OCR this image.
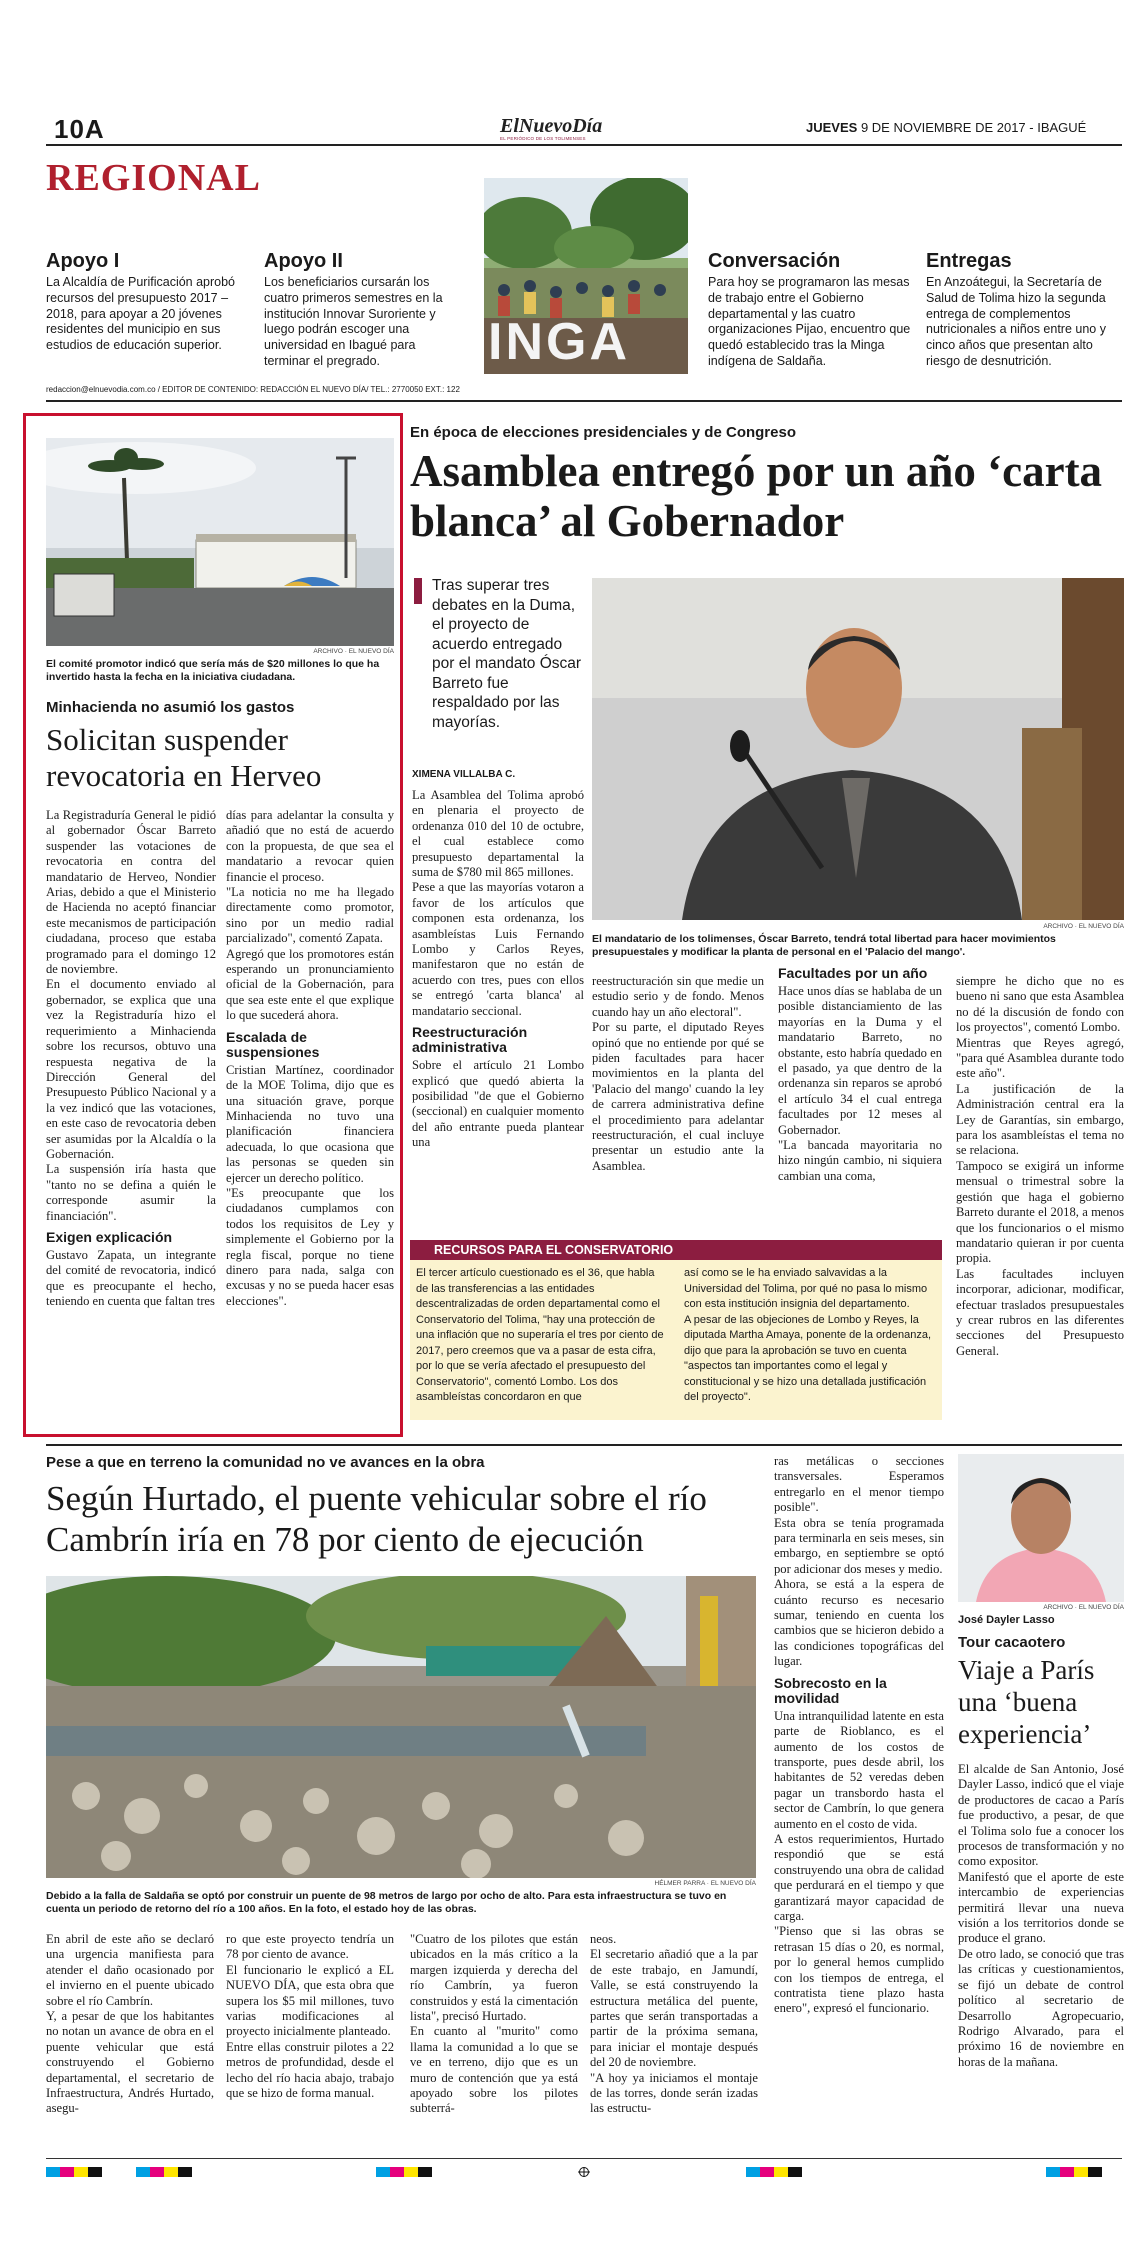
10A	ElNuevoDía
EL PERIÓDICO DE LOS TOLIMENSES
JUEVES 9 DE NOVIEMBRE DE 2017 - IBAGUÉ
REGIONAL
Apoyo I
La Alcaldía de Purificación aprobó recursos del presupuesto 2017 – 2018, para apoyar a 20 jóvenes residentes del municipio en sus estudios de educación superior.
Apoyo II
Los beneficiarios cursarán los cuatro primeros semestres en la institución Innovar Suroriente y luego podrán escoger una universidad en Ibagué para terminar el pregrado.	INGA
Conversación
Para hoy se programaron las mesas de trabajo entre el Gobierno departamental y las cuatro organizaciones Pijao, encuentro que quedó establecido tras la Minga indígena de Saldaña.
Entregas
En Anzoátegui, la Secretaría de Salud de Tolima hizo la segunda entrega de complementos nutricionales a niños entre uno y cinco años que presentan alto riesgo de desnutrición.
redaccion@elnuevodia.com.co / EDITOR DE CONTENIDO: REDACCIÓN EL NUEVO DÍA/ TEL.: 2770050 EXT.: 122
ARCHIVO · EL NUEVO DÍA
El comité promotor indicó que sería más de $20 millones lo que ha invertido hasta la fecha en la iniciativa ciudadana.
Minhacienda no asumió los gastos
Solicitan suspender revocatoria en Herveo
La Registraduría General le pidió al gobernador Óscar Barreto suspender las votaciones de revocatoria en contra del mandatario de Herveo, Nondier Arias, debido a que el Ministerio de Hacienda no aceptó financiar este mecanismos de participación ciudadana, proceso que estaba programado para el domingo 12 de noviembre.
En el documento enviado al gobernador, se explica que una vez la Registraduría hizo el requerimiento a Minhacienda sobre los recursos, obtuvo una respuesta negativa de la Dirección General del Presupuesto Público Nacional y a la vez indicó que las votaciones, en este caso de revocatoria deben ser asumidas por la Alcaldía o la Gobernación.
La suspensión iría hasta que "tanto no se defina a quién le corresponde asumir la financiación".
Exigen explicación
Gustavo Zapata, un integrante del comité de revocatoria, indicó que es preocupante el hecho, teniendo en cuenta que faltan tres
días para adelantar la consulta y añadió que no está de acuerdo con la propuesta, de que sea el mandatario a revocar quien financie el proceso.
"La noticia no me ha llegado directamente como promotor, sino por un medio radial parcializado", comentó Zapata.
Agregó que los promotores están esperando un pronunciamiento oficial de la Gobernación, para que sea este ente el que explique lo que sucederá ahora.
Escalada de suspensiones
Cristian Martínez, coordinador de la MOE Tolima, dijo que es una situación grave, porque Minhacienda no tuvo una planificación financiera adecuada, lo que ocasiona que las personas se queden sin ejercer un derecho político.
"Es preocupante que los ciudadanos cumplamos con todos los requisitos de Ley y simplemente el Gobierno por la regla fiscal, porque no tiene dinero para nada, salga con excusas y no se pueda hacer esas elecciones".
En época de elecciones presidenciales y de Congreso
Asamblea entregó por un año ‘carta blanca’ al Gobernador
Tras superar tres debates en la Duma, el proyecto de acuerdo entregado por el mandato Óscar Barreto fue respaldado por las mayorías.
ARCHIVO · EL NUEVO DÍA
El mandatario de los tolimenses, Óscar Barreto, tendrá total libertad para hacer movimientos presupuestales y modificar la planta de personal en el 'Palacio del mango'.
XIMENA VILLALBA C.
La Asamblea del Tolima aprobó en plenaria el proyecto de ordenanza 010 del 10 de octubre, el cual establece como presupuesto departamental la suma de $780 mil 865 millones.
Pese a que las mayorías votaron a favor de los artículos que componen esta ordenanza, los asambleístas Luis Fernando Lombo y Carlos Reyes, manifestaron que no están de acuerdo con tres, pues con ellos se entregó 'carta blanca' al mandatario seccional.
Reestructuración administrativa
Sobre el artículo 21 Lombo explicó que quedó abierta la posibilidad "de que el Gobierno (seccional) en cualquier momento del año entrante pueda plantear una
reestructuración sin que medie un estudio serio y de fondo. Menos cuando hay un año electoral".
Por su parte, el diputado Reyes opinó que no entiende por qué se piden facultades para hacer movimientos en la planta del 'Palacio del mango' cuando la ley de carrera administrativa define el procedimiento para adelantar reestructuración, el cual incluye presentar un estudio ante la Asamblea.
Facultades por un año
Hace unos días se hablaba de un posible distanciamiento de las mayorías en la Duma y el mandatario Barreto, no obstante, esto habría quedado en el pasado, ya que dentro de la ordenanza sin reparos se aprobó el artículo 34 el cual entrega facultades por 12 meses al Gobernador.
"La bancada mayoritaria no hizo ningún cambio, ni siquiera cambian una coma,
siempre he dicho que no es bueno ni sano que esta Asamblea no dé la discusión de fondo con los proyectos", comentó Lombo.
Mientras que Reyes agregó, "para qué Asamblea durante todo este año".
La justificación de la Administración central era la Ley de Garantías, sin embargo, para los asambleístas el tema no se relaciona.
Tampoco se exigirá un informe mensual o trimestral sobre la gestión que haga el gobierno Barreto durante el 2018, a menos que los funcionarios o el mismo mandatario quieran ir por cuenta propia.
Las facultades incluyen incorporar, adicionar, modificar, efectuar traslados presupuestales y crear rubros en las diferentes secciones del Presupuesto General.
RECURSOS PARA EL CONSERVATORIO
El tercer artículo cuestionado es el 36, que habla de las transferencias a las entidades descentralizadas de orden departamental como el Conservatorio del Tolima, "hay una protección de una inflación que no superaría el tres por ciento de 2017, pero creemos que va a pasar de esta cifra, por lo que se vería afectado el presupuesto del Conservatorio", comentó Lombo. Los dos asambleístas concordaron en que
así como se le ha enviado salvavidas a la Universidad del Tolima, por qué no pasa lo mismo con esta institución insignia del departamento.
A pesar de las objeciones de Lombo y Reyes, la diputada Martha Amaya, ponente de la ordenanza, dijo que para la aprobación se tuvo en cuenta "aspectos tan importantes como el legal y constitucional y se hizo una detallada justificación del proyecto".
Pese a que en terreno la comunidad no ve avances en la obra
Según Hurtado, el puente vehicular sobre el río Cambrín iría en 78 por ciento de ejecución
HÉLMER PARRA · EL NUEVO DÍA
Debido a la falla de Saldaña se optó por construir un puente de 98 metros de largo por ocho de alto. Para esta infraestructura se tuvo en cuenta un periodo de retorno del río a 100 años. En la foto, el estado hoy de las obras.
ras metálicas o secciones transversales. Esperamos entregarlo en el menor tiempo posible".
Esta obra se tenía programada para terminarla en seis meses, sin embargo, en septiembre se optó por adicionar dos meses y medio.
Ahora, se está a la espera de cuánto recurso es necesario sumar, teniendo en cuenta los cambios que se hicieron debido a las condiciones topográficas del lugar.
Sobrecosto en la movilidad
Una intranquilidad latente en esta parte de Rioblanco, es el aumento de los costos de transporte, pues desde abril, los habitantes de 52 veredas deben pagar un transbordo hasta el sector de Cambrín, lo que genera aumento en el costo de vida.
A estos requerimientos, Hurtado respondió que se está construyendo una obra de calidad que perdurará en el tiempo y que garantizará mayor capacidad de carga.
"Pienso que si las obras se retrasan 15 días o 20, es normal, por lo general hemos cumplido con los tiempos de entrega, el contratista tiene plazo hasta enero", expresó el funcionario.
En abril de este año se declaró una urgencia manifiesta para atender el daño ocasionado por el invierno en el puente ubicado sobre el río Cambrín.
Y, a pesar de que los habitantes no notan un avance de obra en el puente vehicular que está construyendo el Gobierno departamental, el secretario de Infraestructura, Andrés Hurtado, asegu-
ro que este proyecto tendría un 78 por ciento de avance.
El funcionario le explicó a EL NUEVO DÍA, que esta obra que supera los $5 mil millones, tuvo varias modificaciones al proyecto inicialmente planteado.
Entre ellas construir pilotes a 22 metros de profundidad, desde el lecho del río hacia abajo, trabajo que se hizo de forma manual.
"Cuatro de los pilotes que están ubicados en la más crítico a la margen izquierda y derecha del río Cambrín, ya fueron construidos y está la cimentación lista", precisó Hurtado.
En cuanto al "murito" como llama la comunidad a lo que se ve en terreno, dijo que es un muro de contención que ya está apoyado sobre los pilotes subterrá-
neos.
El secretario añadió que a la par de este trabajo, en Jamundí, Valle, se está construyendo la estructura metálica del puente, partes que serán transportadas a partir de la próxima semana, para iniciar el montaje después del 20 de noviembre.
"A hoy ya iniciamos el montaje de las torres, donde serán izadas las estructu-
ARCHIVO · EL NUEVO DÍA
José Dayler Lasso
Tour cacaotero
Viaje a París una ‘buena experiencia’
El alcalde de San Antonio, José Dayler Lasso, indicó que el viaje de productores de cacao a París fue productivo, a pesar, de que el Tolima solo fue a conocer los procesos de transformación y no como expositor.
Manifestó que el aporte de este intercambio de experiencias permitirá llevar una nueva visión a los territorios donde se produce el grano.
De otro lado, se conoció que tras las críticas y cuestionamientos, se fijó un debate de control político al secretario de Desarrollo Agropecuario, Rodrigo Alvarado, para el próximo 16 de noviembre en horas de la mañana.
